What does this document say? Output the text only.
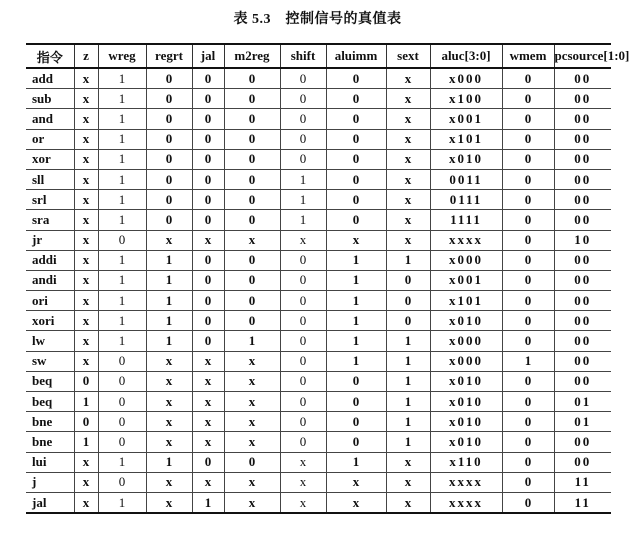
表 5.3　控制信号的真值表
指令	z	wreg	regrt	jal	m2reg	shift	aluimm	sext	aluc[3:0]	wmem	pcsource[1:0]
add	x	1	0	0	0	0	0	x	x000	0	00
sub	x	1	0	0	0	0	0	x	x100	0	00
and	x	1	0	0	0	0	0	x	x001	0	00
or	x	1	0	0	0	0	0	x	x101	0	00
xor	x	1	0	0	0	0	0	x	x010	0	00
sll	x	1	0	0	0	1	0	x	0011	0	00
srl	x	1	0	0	0	1	0	x	0111	0	00
sra	x	1	0	0	0	1	0	x	1111	0	00
jr	x	0	x	x	x	x	x	x	xxxx	0	10
addi	x	1	1	0	0	0	1	1	x000	0	00
andi	x	1	1	0	0	0	1	0	x001	0	00
ori	x	1	1	0	0	0	1	0	x101	0	00
xori	x	1	1	0	0	0	1	0	x010	0	00
lw	x	1	1	0	1	0	1	1	x000	0	00
sw	x	0	x	x	x	0	1	1	x000	1	00
beq	0	0	x	x	x	0	0	1	x010	0	00
beq	1	0	x	x	x	0	0	1	x010	0	01
bne	0	0	x	x	x	0	0	1	x010	0	01
bne	1	0	x	x	x	0	0	1	x010	0	00
lui	x	1	1	0	0	x	1	x	x110	0	00
j	x	0	x	x	x	x	x	x	xxxx	0	11
jal	x	1	x	1	x	x	x	x	xxxx	0	11
